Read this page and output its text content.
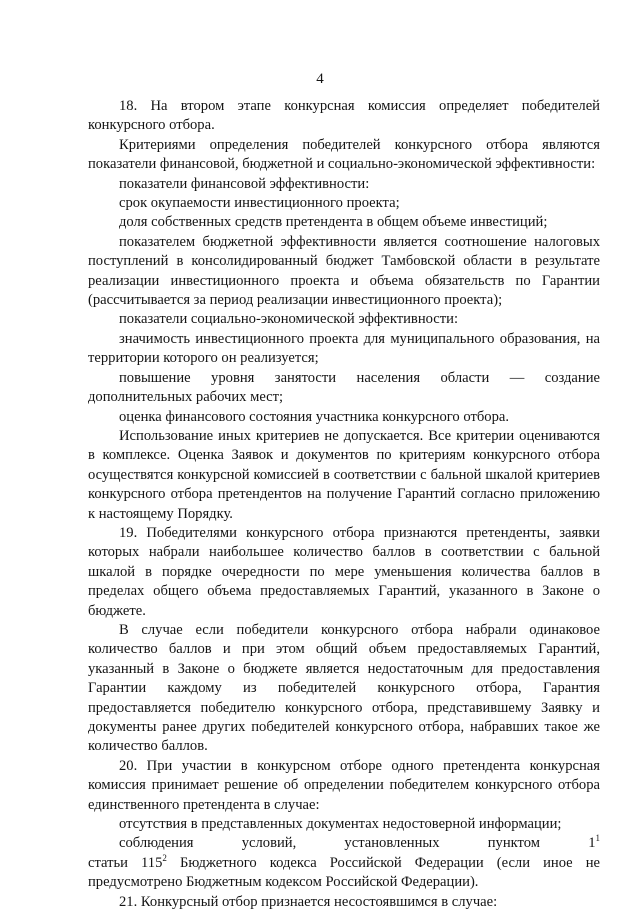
4

18. На втором этапе конкурсная комиссия определяет победителей конкурсного отбора.

Критериями определения победителей конкурсного отбора являются показатели финансовой, бюджетной и социально-экономической эффективности:

показатели финансовой эффективности:

срок окупаемости инвестиционного проекта;

доля собственных средств претендента в общем объеме инвестиций;

показателем бюджетной эффективности является соотношение налоговых поступлений в консолидированный бюджет Тамбовской области в результате реализации инвестиционного проекта и объема обязательств по Гарантии (рассчитывается за период реализации инвестиционного проекта);

показатели социально-экономической эффективности:

значимость инвестиционного проекта для муниципального образования, на территории которого он реализуется;

повышение уровня занятости населения области — создание дополнительных рабочих мест;

оценка финансового состояния участника конкурсного отбора.

Использование иных критериев не допускается. Все критерии оцениваются в комплексе. Оценка Заявок и документов по критериям конкурсного отбора осуществятся конкурсной комиссией в соответствии с бальной шкалой критериев конкурсного отбора претендентов на получение Гарантий согласно приложению к настоящему Порядку.

19. Победителями конкурсного отбора признаются претенденты, заявки которых набрали наибольшее количество баллов в соответствии с бальной шкалой в порядке очередности по мере уменьшения количества баллов в пределах общего объема предоставляемых Гарантий, указанного в Законе о бюджете.

В случае если победители конкурсного отбора набрали одинаковое количество баллов и при этом общий объем предоставляемых Гарантий, указанный в Законе о бюджете является недостаточным для предоставления Гарантии каждому из победителей конкурсного отбора, Гарантия предоставляется победителю конкурсного отбора, представившему Заявку и документы ранее других победителей конкурсного отбора, набравших такое же количество баллов.

20. При участии в конкурсном отборе одного претендента конкурсная комиссия принимает решение об определении победителем конкурсного отбора единственного претендента в случае:

отсутствия в представленных документах недостоверной информации;

соблюдения условий, установленных пунктом $1^1$
статьи $115^2$ Бюджетного кодекса Российской Федерации (если иное не предусмотрено Бюджетным кодексом Российской Федерации).

21. Конкурсный отбор признается несостоявшимся в случае:
